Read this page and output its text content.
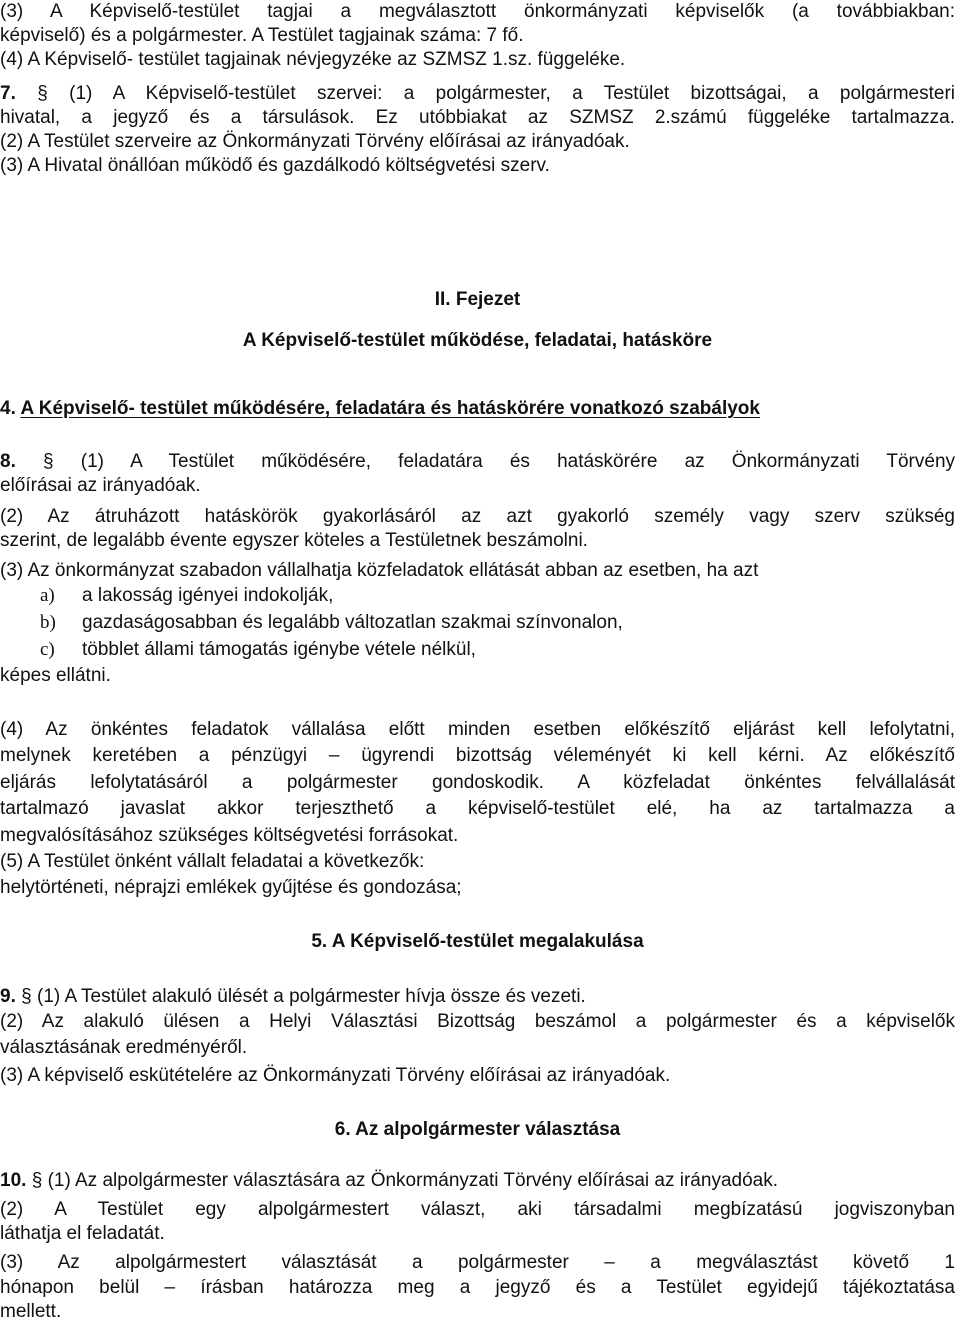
(3) A Képviselő-testület tagjai a megválasztott önkormányzati képviselők (a továbbiakban:

képviselő) és a polgármester. A Testület tagjainak száma: 7 fő.

(4) A Képviselő- testület tagjainak névjegyzéke az SZMSZ 1.sz. függeléke.

7. § (1) A Képviselő-testület szervei: a polgármester, a Testület bizottságai, a polgármesteri

hivatal, a jegyző és a társulások. Ez utóbbiakat az SZMSZ 2.számú függeléke tartalmazza.

(2) A Testület szerveire az Önkormányzati Törvény előírásai az irányadóak.

(3) A Hivatal önállóan működő és gazdálkodó költségvetési szerv.

II. Fejezet

A Képviselő-testület működése, feladatai, hatásköre

4. A Képviselő- testület működésére, feladatára és hatáskörére vonatkozó szabályok

8. § (1) A Testület működésére, feladatára és hatáskörére az Önkormányzati Törvény

előírásai az irányadóak.

(2) Az átruházott hatáskörök gyakorlásáról az azt gyakorló személy vagy szerv szükség

szerint, de legalább évente egyszer köteles a Testületnek beszámolni.

(3) Az önkormányzat szabadon vállalhatja közfeladatok ellátását abban az esetben, ha azt

a) a lakosság igényei indokolják,

b) gazdaságosabban és legalább változatlan szakmai színvonalon,

c) többlet állami támogatás igénybe vétele nélkül,

képes ellátni.

(4) Az önkéntes feladatok vállalása előtt minden esetben előkészítő eljárást kell lefolytatni,

melynek keretében a pénzügyi – ügyrendi bizottság véleményét ki kell kérni. Az előkészítő

eljárás lefolytatásáról a polgármester gondoskodik. A közfeladat önkéntes felvállalását

tartalmazó javaslat akkor terjeszthető a képviselő-testület elé, ha az tartalmazza a

megvalósításához szükséges költségvetési forrásokat.

(5) A Testület önként vállalt feladatai a következők:

helytörténeti, néprajzi emlékek gyűjtése és gondozása;

5. A Képviselő-testület megalakulása

9. § (1) A Testület alakuló ülését a polgármester hívja össze és vezeti.

(2) Az alakuló ülésen a Helyi Választási Bizottság beszámol a polgármester és a képviselők

választásának eredményéről.

(3) A képviselő eskütételére az Önkormányzati Törvény előírásai az irányadóak.

6. Az alpolgármester választása

10. § (1) Az alpolgármester választására az Önkormányzati Törvény előírásai az irányadóak.

(2) A Testület egy alpolgármestert választ, aki társadalmi megbízatású jogviszonyban

láthatja el feladatát.

(3) Az alpolgármestert választását a polgármester – a megválasztást követő 1

hónapon belül – írásban határozza meg a jegyző és a Testület egyidejű tájékoztatása

mellett.
